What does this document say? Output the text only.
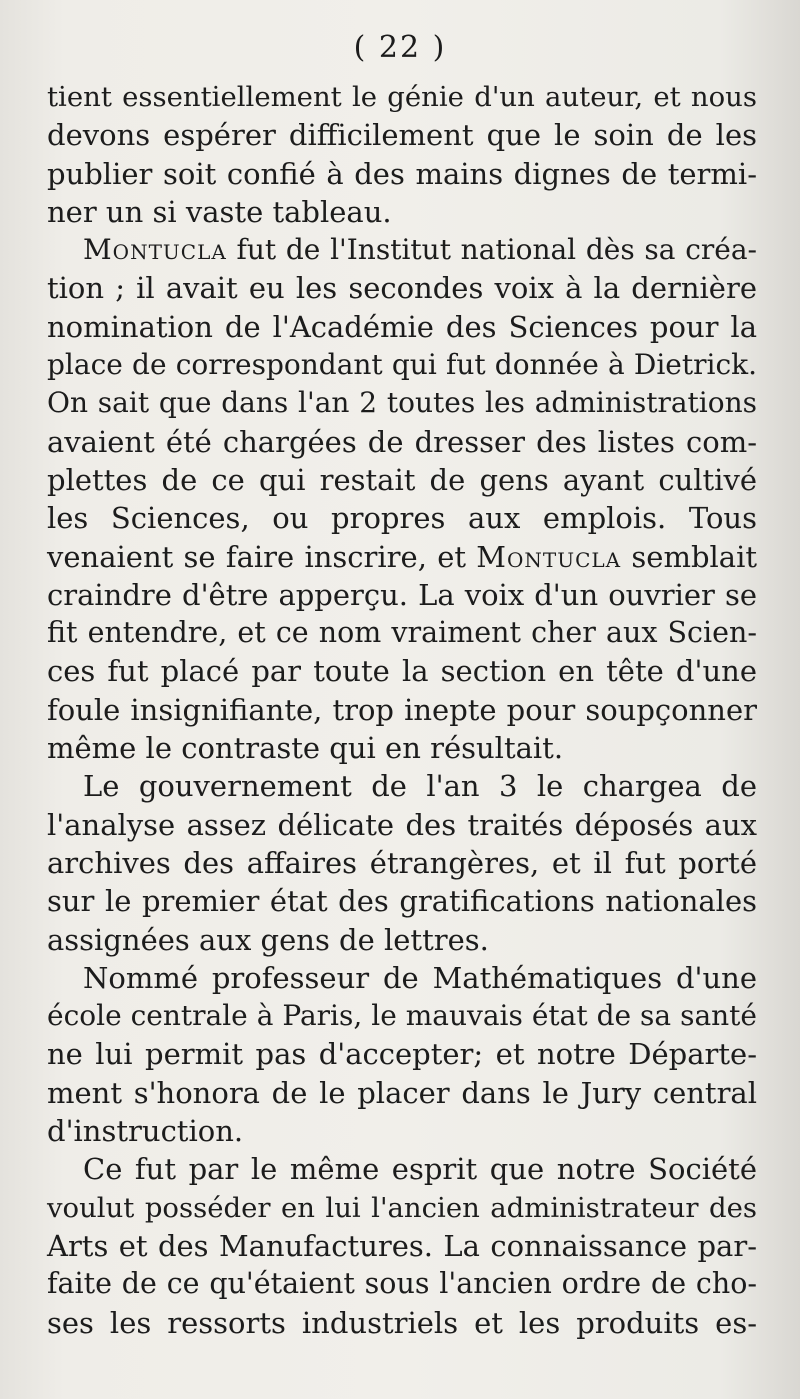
( 22 )
tient essentiellement le génie d'un auteur, et nous
devons espérer difficilement que le soin de les
publier soit confié à des mains dignes de termi-
ner un si vaste tableau.
Montucla fut de l'Institut national dès sa créa-
tion ; il avait eu les secondes voix à la dernière
nomination de l'Académie des Sciences pour la
place de correspondant qui fut donnée à Dietrick.
On sait que dans l'an 2 toutes les administrations
avaient été chargées de dresser des listes com-
plettes de ce qui restait de gens ayant cultivé
les Sciences, ou propres aux emplois. Tous
venaient se faire inscrire, et Montucla semblait
craindre d'être apperçu. La voix d'un ouvrier se
fit entendre, et ce nom vraiment cher aux Scien-
ces fut placé par toute la section en tête d'une
foule insignifiante, trop inepte pour soupçonner
même le contraste qui en résultait.
Le gouvernement de l'an 3 le chargea de
l'analyse assez délicate des traités déposés aux
archives des affaires étrangères, et il fut porté
sur le premier état des gratifications nationales
assignées aux gens de lettres.
Nommé professeur de Mathématiques d'une
école centrale à Paris, le mauvais état de sa santé
ne lui permit pas d'accepter; et notre Départe-
ment s'honora de le placer dans le Jury central
d'instruction.
Ce fut par le même esprit que notre Société
voulut posséder en lui l'ancien administrateur des
Arts et des Manufactures. La connaissance par-
faite de ce qu'étaient sous l'ancien ordre de cho-
ses les ressorts industriels et les produits es-
